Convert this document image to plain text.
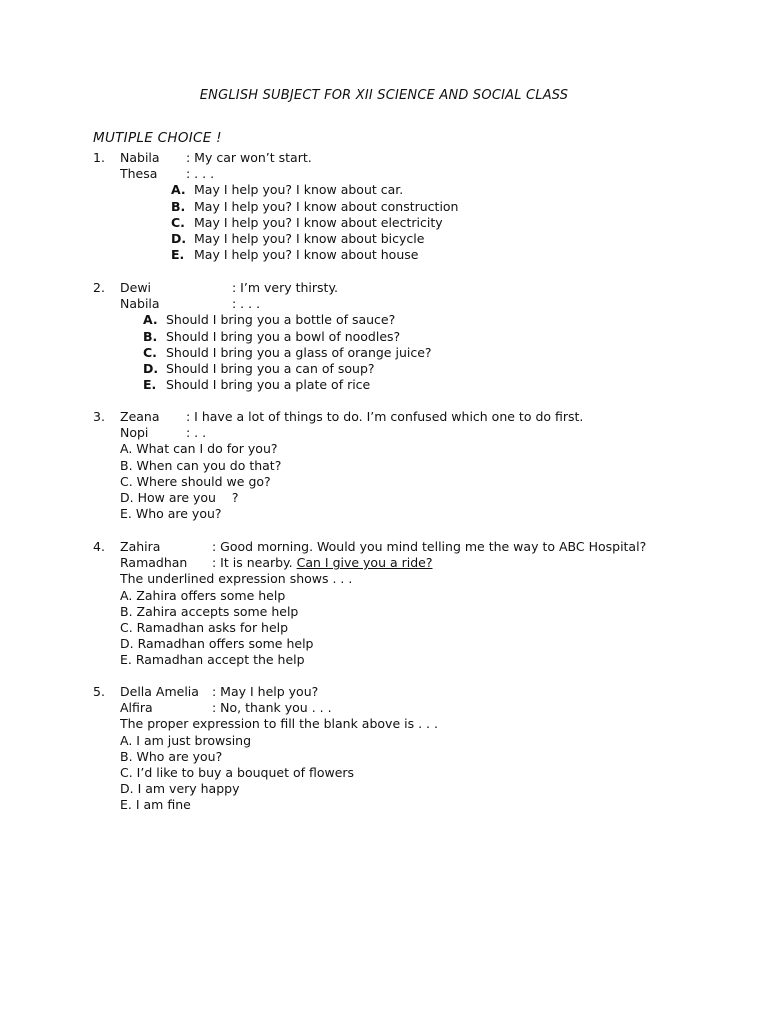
ENGLISH SUBJECT FOR XII SCIENCE AND SOCIAL CLASS
MUTIPLE CHOICE !
1. Nabila : My car won’t start.
Thesa : . . .
A. May I help you? I know about car.
B. May I help you? I know about construction
C. May I help you? I know about electricity
D. May I help you? I know about bicycle
E. May I help you? I know about house
2. Dewi	: I’m very thirsty.
Nabila	: . . .
A. Should I bring you a bottle of sauce?
B. Should I bring you a bowl of noodles?
C. Should I bring you a glass of orange juice?
D. Should I bring you a can of soup?
E. Should I bring you a plate of rice
3. Zeana : I have a lot of things to do. I’m confused which one to do first.
Nopi	: . .
A. What can I do for you?
B. When can you do that?
C. Where should we go?
D. How are you    ?
E. Who are you?
4. Zahira	: Good morning. Would you mind telling me the way to ABC Hospital?
Ramadhan : It is nearby. Can I give you a ride?
The underlined expression shows . . .
A. Zahira offers some help
B. Zahira accepts some help
C. Ramadhan asks for help
D. Ramadhan offers some help
E. Ramadhan accept the help
5. Della Amelia : May I help you?
Alfira	: No, thank you . . .
The proper expression to fill the blank above is . . .
A. I am just browsing
B. Who are you?
C. I’d like to buy a bouquet of flowers
D. I am very happy
E. I am fine
